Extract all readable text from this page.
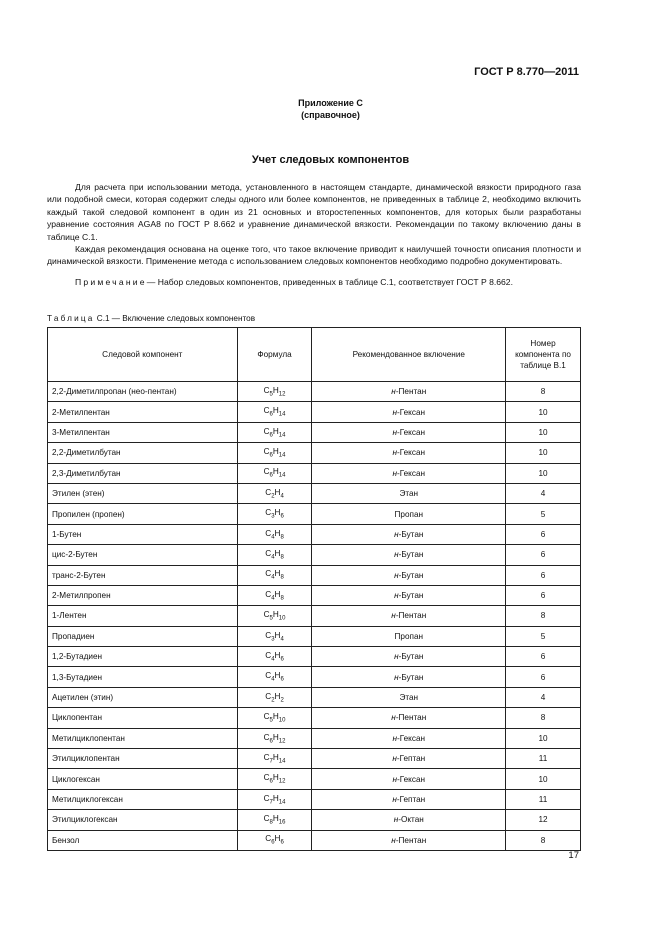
ГОСТ Р 8.770—2011
Приложение С
(справочное)
Учет следовых компонентов

Для расчета при использовании метода, установленного в настоящем стандарте, динамической вязкости природного газа или подобной смеси, которая содержит следы одного или более компонентов, не приведенных в таблице 2, необходимо включить каждый такой следовой компонент в один из 21 основных и второстепенных компонентов, для которых были разработаны уравнение состояния AGA8 по ГОСТ Р 8.662 и уравнение динамической вязкости. Рекомендации по такому включению даны в таблице С.1.

Каждая рекомендация основана на оценке того, что такое включение приводит к наилучшей точности описания плотности и динамической вязкости. Применение метода с использованием следовых компонентов необходимо подробно документировать.

Примечание— Набор следовых компонентов, приведенных в таблице С.1, соответствует ГОСТ Р 8.662.

Таблица С.1 — Включение следовых компонентов
Следовой компонент	Формула	Рекомендованное включение	Номер компонента по таблице В.1
2,2-Диметилпропан (нео-пентан)	$C_5H_{12}$	н-Пентан	8
2-Метилпентан	$C_6H_{14}$	н-Гексан	10
3-Метилпентан	$C_6H_{14}$	н-Гексан	10
2,2-Диметилбутан	$C_6H_{14}$	н-Гексан	10
2,3-Диметилбутан	$C_6H_{14}$	н-Гексан	10
Этилен (этен)	$C_2H_4$	Этан	4
Пропилен (пропен)	$C_3H_6$	Пропан	5
1-Бутен	$C_4H_8$	н-Бутан	6
цис-2-Бутен	$C_4H_8$	н-Бутан	6
транс-2-Бутен	$C_4H_8$	н-Бутан	6
2-Метилпропен	$C_4H_8$	н-Бутан	6
1-Лентен	$C_5H_{10}$	н-Пентан	8
Пропадиен	$C_3H_4$	Пропан	5
1,2-Бутадиен	$C_4H_6$	н-Бутан	6
1,3-Бутадиен	$C_4H_6$	н-Бутан	6
Ацетилен (этин)	$C_2H_2$	Этан	4
Циклопентан	$C_5H_{10}$	н-Пентан	8
Метилциклопентан	$C_6H_{12}$	н-Гексан	10
Этилциклопентан	$C_7H_{14}$	н-Гептан	11
Циклогексан	$C_6H_{12}$	н-Гексан	10
Метилциклогексан	$C_7H_{14}$	н-Гептан	11
Этилциклогексан	$C_8H_{16}$	н-Октан	12
Бензол	$C_6H_6$	н-Пентан	8
17
